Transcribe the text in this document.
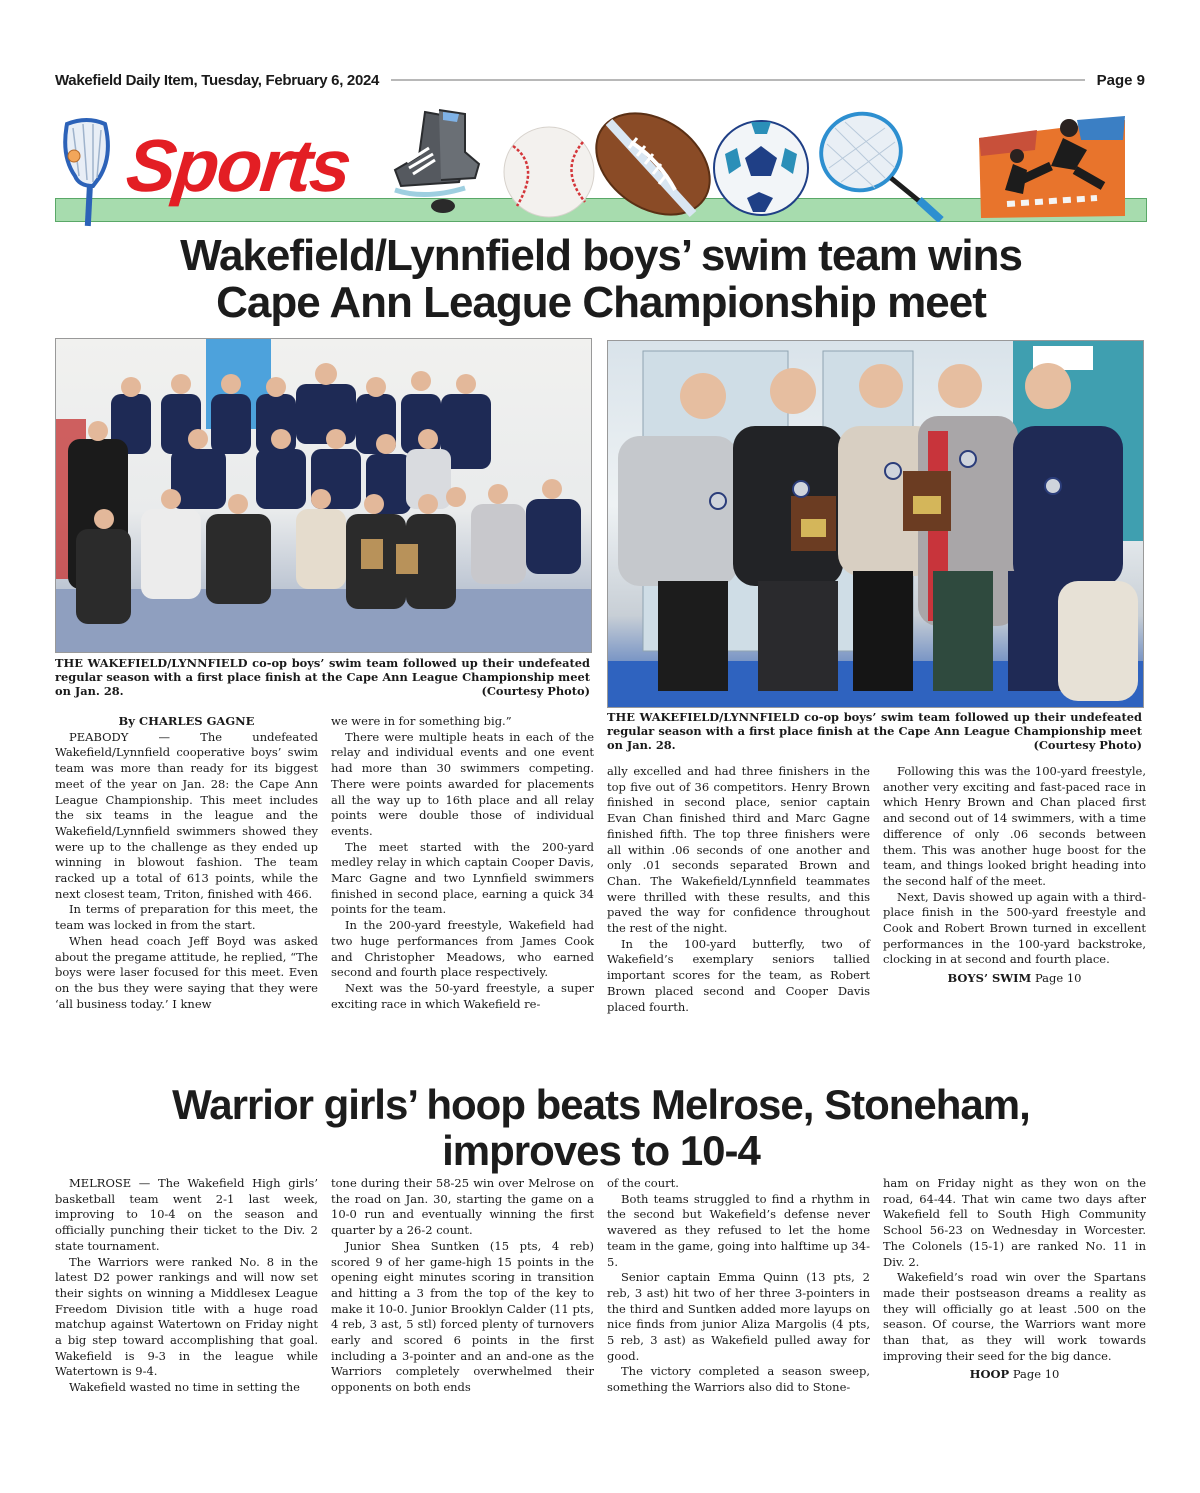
Wakefield Daily Item, Tuesday, February 6, 2024	Page 9
Sports
Wakefield/Lynnfield boys’ swim team wins
Cape Ann League Championship meet
THE WAKEFIELD/LYNNFIELD co-op boys’ swim team followed up their undefeated regular season with a first place finish at the Cape Ann League Championship meet on Jan. 28.	(Courtesy Photo)
THE WAKEFIELD/LYNNFIELD co-op boys’ swim team followed up their undefeated regular season with a first place finish at the Cape Ann League Championship meet on Jan. 28.	(Courtesy Photo)

By CHARLES GAGNE

PEABODY — The undefeated Wakefield/Lynnfield cooperative boys’ swim team was more than ready for its biggest meet of the year on Jan. 28: the Cape Ann League Championship. This meet includes the six teams in the league and the Wakefield/Lynnfield swimmers showed they were up to the challenge as they ended up winning in blowout fashion. The team racked up a total of 613 points, while the next closest team, Triton, finished with 466.

In terms of preparation for this meet, the team was locked in from the start.

When head coach Jeff Boyd was asked about the pregame attitude, he replied, “The boys were laser focused for this meet. Even on the bus they were saying that they were ‘all business today.’ I knew

we were in for something big.”

There were multiple heats in each of the relay and individual events and one event had more than 30 swimmers competing. There were points awarded for placements all the way up to 16th place and all relay points were double those of individual events.

The meet started with the 200-yard medley relay in which captain Cooper Davis, Marc Gagne and two Lynnfield swimmers finished in second place, earning a quick 34 points for the team.

In the 200-yard freestyle, Wakefield had two huge performances from James Cook and Christopher Meadows, who earned second and fourth place respectively.

Next was the 50-yard freestyle, a super exciting race in which Wakefield re-

ally excelled and had three finishers in the top five out of 36 competitors. Henry Brown finished in second place, senior captain Evan Chan finished third and Marc Gagne finished fifth. The top three finishers were all within .06 seconds of one another and only .01 seconds separated Brown and Chan. The Wakefield/Lynnfield teammates were thrilled with these results, and this paved the way for confidence throughout the rest of the night.

In the 100-yard butterfly, two of Wakefield’s exemplary seniors tallied important scores for the team, as Robert Brown placed second and Cooper Davis placed fourth.

Following this was the 100-yard freestyle, another very exciting and fast-paced race in which Henry Brown and Chan placed first and second out of 14 swimmers, with a time difference of only .06 seconds between them. This was another huge boost for the team, and things looked bright heading into the second half of the meet.

Next, Davis showed up again with a third-place finish in the 500-yard freestyle and Cook and Robert Brown turned in excellent performances in the 100-yard backstroke, clocking in at second and fourth place.

BOYS’ SWIM Page 10

Warrior girls’ hoop beats Melrose, Stoneham,
improves to 10-4

MELROSE — The Wakefield High girls’ basketball team went 2-1 last week, improving to 10-4 on the season and officially punching their ticket to the Div. 2 state tournament.

The Warriors were ranked No. 8 in the latest D2 power rankings and will now set their sights on winning a Middlesex League Freedom Division title with a huge road matchup against Watertown on Friday night a big step toward accomplishing that goal. Wakefield is 9-3 in the league while Watertown is 9-4.

Wakefield wasted no time in setting the

tone during their 58-25 win over Melrose on the road on Jan. 30, starting the game on a 10-0 run and eventually winning the first quarter by a 26-2 count.

Junior Shea Suntken (15 pts, 4 reb) scored 9 of her game-high 15 points in the opening eight minutes scoring in transition and hitting a 3 from the top of the key to make it 10-0. Junior Brooklyn Calder (11 pts, 4 reb, 3 ast, 5 stl) forced plenty of turnovers early and scored 6 points in the first including a 3-pointer and an and-one as the Warriors completely overwhelmed their opponents on both ends

of the court.

Both teams struggled to find a rhythm in the second but Wakefield’s defense never wavered as they refused to let the home team in the game, going into halftime up 34-5.

Senior captain Emma Quinn (13 pts, 2 reb, 3 ast) hit two of her three 3-pointers in the third and Suntken added more layups on nice finds from junior Aliza Margolis (4 pts, 5 reb, 3 ast) as Wakefield pulled away for good.

The victory completed a season sweep, something the Warriors also did to Stone-

ham on Friday night as they won on the road, 64-44. That win came two days after Wakefield fell to South High Community School 56-23 on Wednesday in Worcester. The Colonels (15-1) are ranked No. 11 in Div. 2.

Wakefield’s road win over the Spartans made their postseason dreams a reality as they will officially go at least .500 on the season. Of course, the Warriors want more than that, as they will work towards improving their seed for the big dance.

HOOP Page 10
